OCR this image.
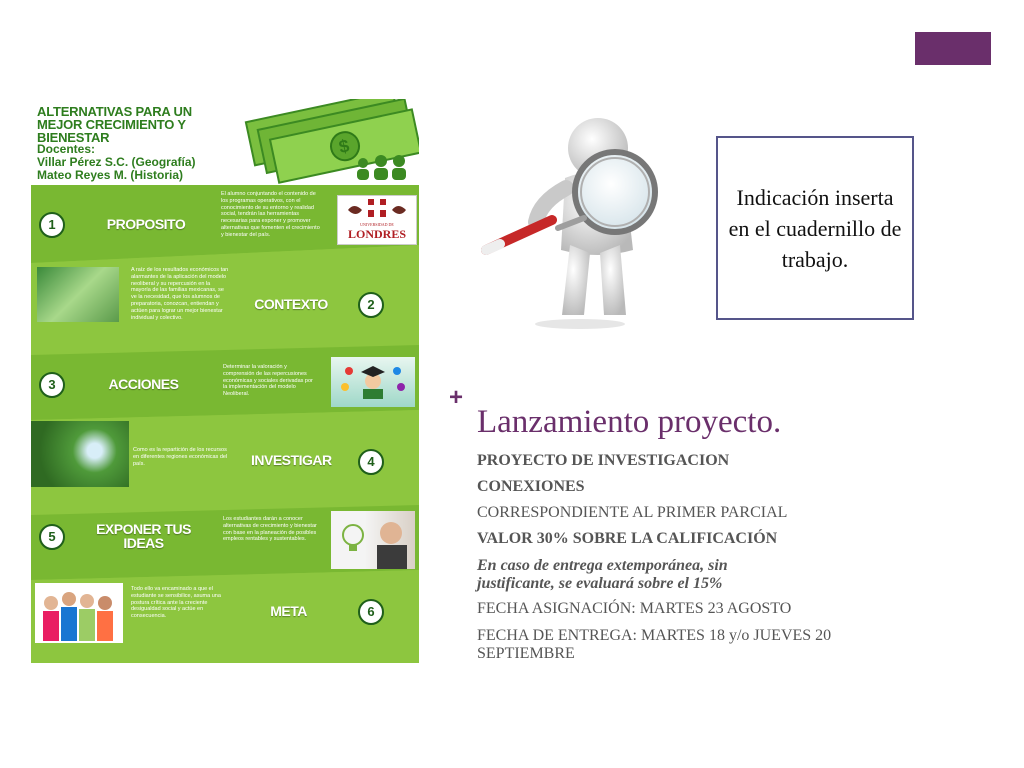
ALTERNATIVAS PARA UN MEJOR CRECIMIENTO Y BIENESTAR
Docentes:
Villar Pérez S.C. (Geografía)
Mateo Reyes M. (Historia)
$
1	PROPOSITO
El alumno conjuntando el contenido de los programas operativos, con el conocimiento de su entorno y realidad social, tendrán las herramientas necesarias para exponer y promover alternativas que fomenten el crecimiento y bienestar del país.
UNIVERSIDAD DE
LONDRES
A raíz de los resultados económicos tan alarmantes de la aplicación del modelo neoliberal y su repercusión en la mayoría de las familias mexicanas, se ve la necesidad, que los alumnos de preparatoria, conozcan, entiendan y actúen para lograr un mejor bienestar individual y colectivo.
CONTEXTO	2
3	ACCIONES
Determinar la valoración y comprensión de las repercusiones económicas y sociales derivadas por la implementación del modelo Neoliberal.
Como es la repartición de los recursos en diferentes regiones económicas del país.	INVESTIGAR	4
5	EXPONER TUS IDEAS
Los estudiantes darán a conocer alternativas de crecimiento y bienestar con base en la planeación de posibles empleos rentables y sustentables.
Todo ello va encaminado a que el estudiante se sensibilice, asuma una postura crítica ante la creciente desigualdad social y actúe en consecuencia.	META	6
Indicación inserta en el cuadernillo de trabajo.
+
Lanzamiento proyecto.
PROYECTO DE INVESTIGACION
CONEXIONES
CORRESPONDIENTE AL PRIMER PARCIAL
VALOR 30% SOBRE LA CALIFICACIÓN
En caso de entrega extemporánea, sin
justificante, se evaluará sobre el 15%
FECHA ASIGNACIÓN: MARTES 23 AGOSTO
FECHA DE ENTREGA: MARTES 18 y/o JUEVES 20
SEPTIEMBRE
